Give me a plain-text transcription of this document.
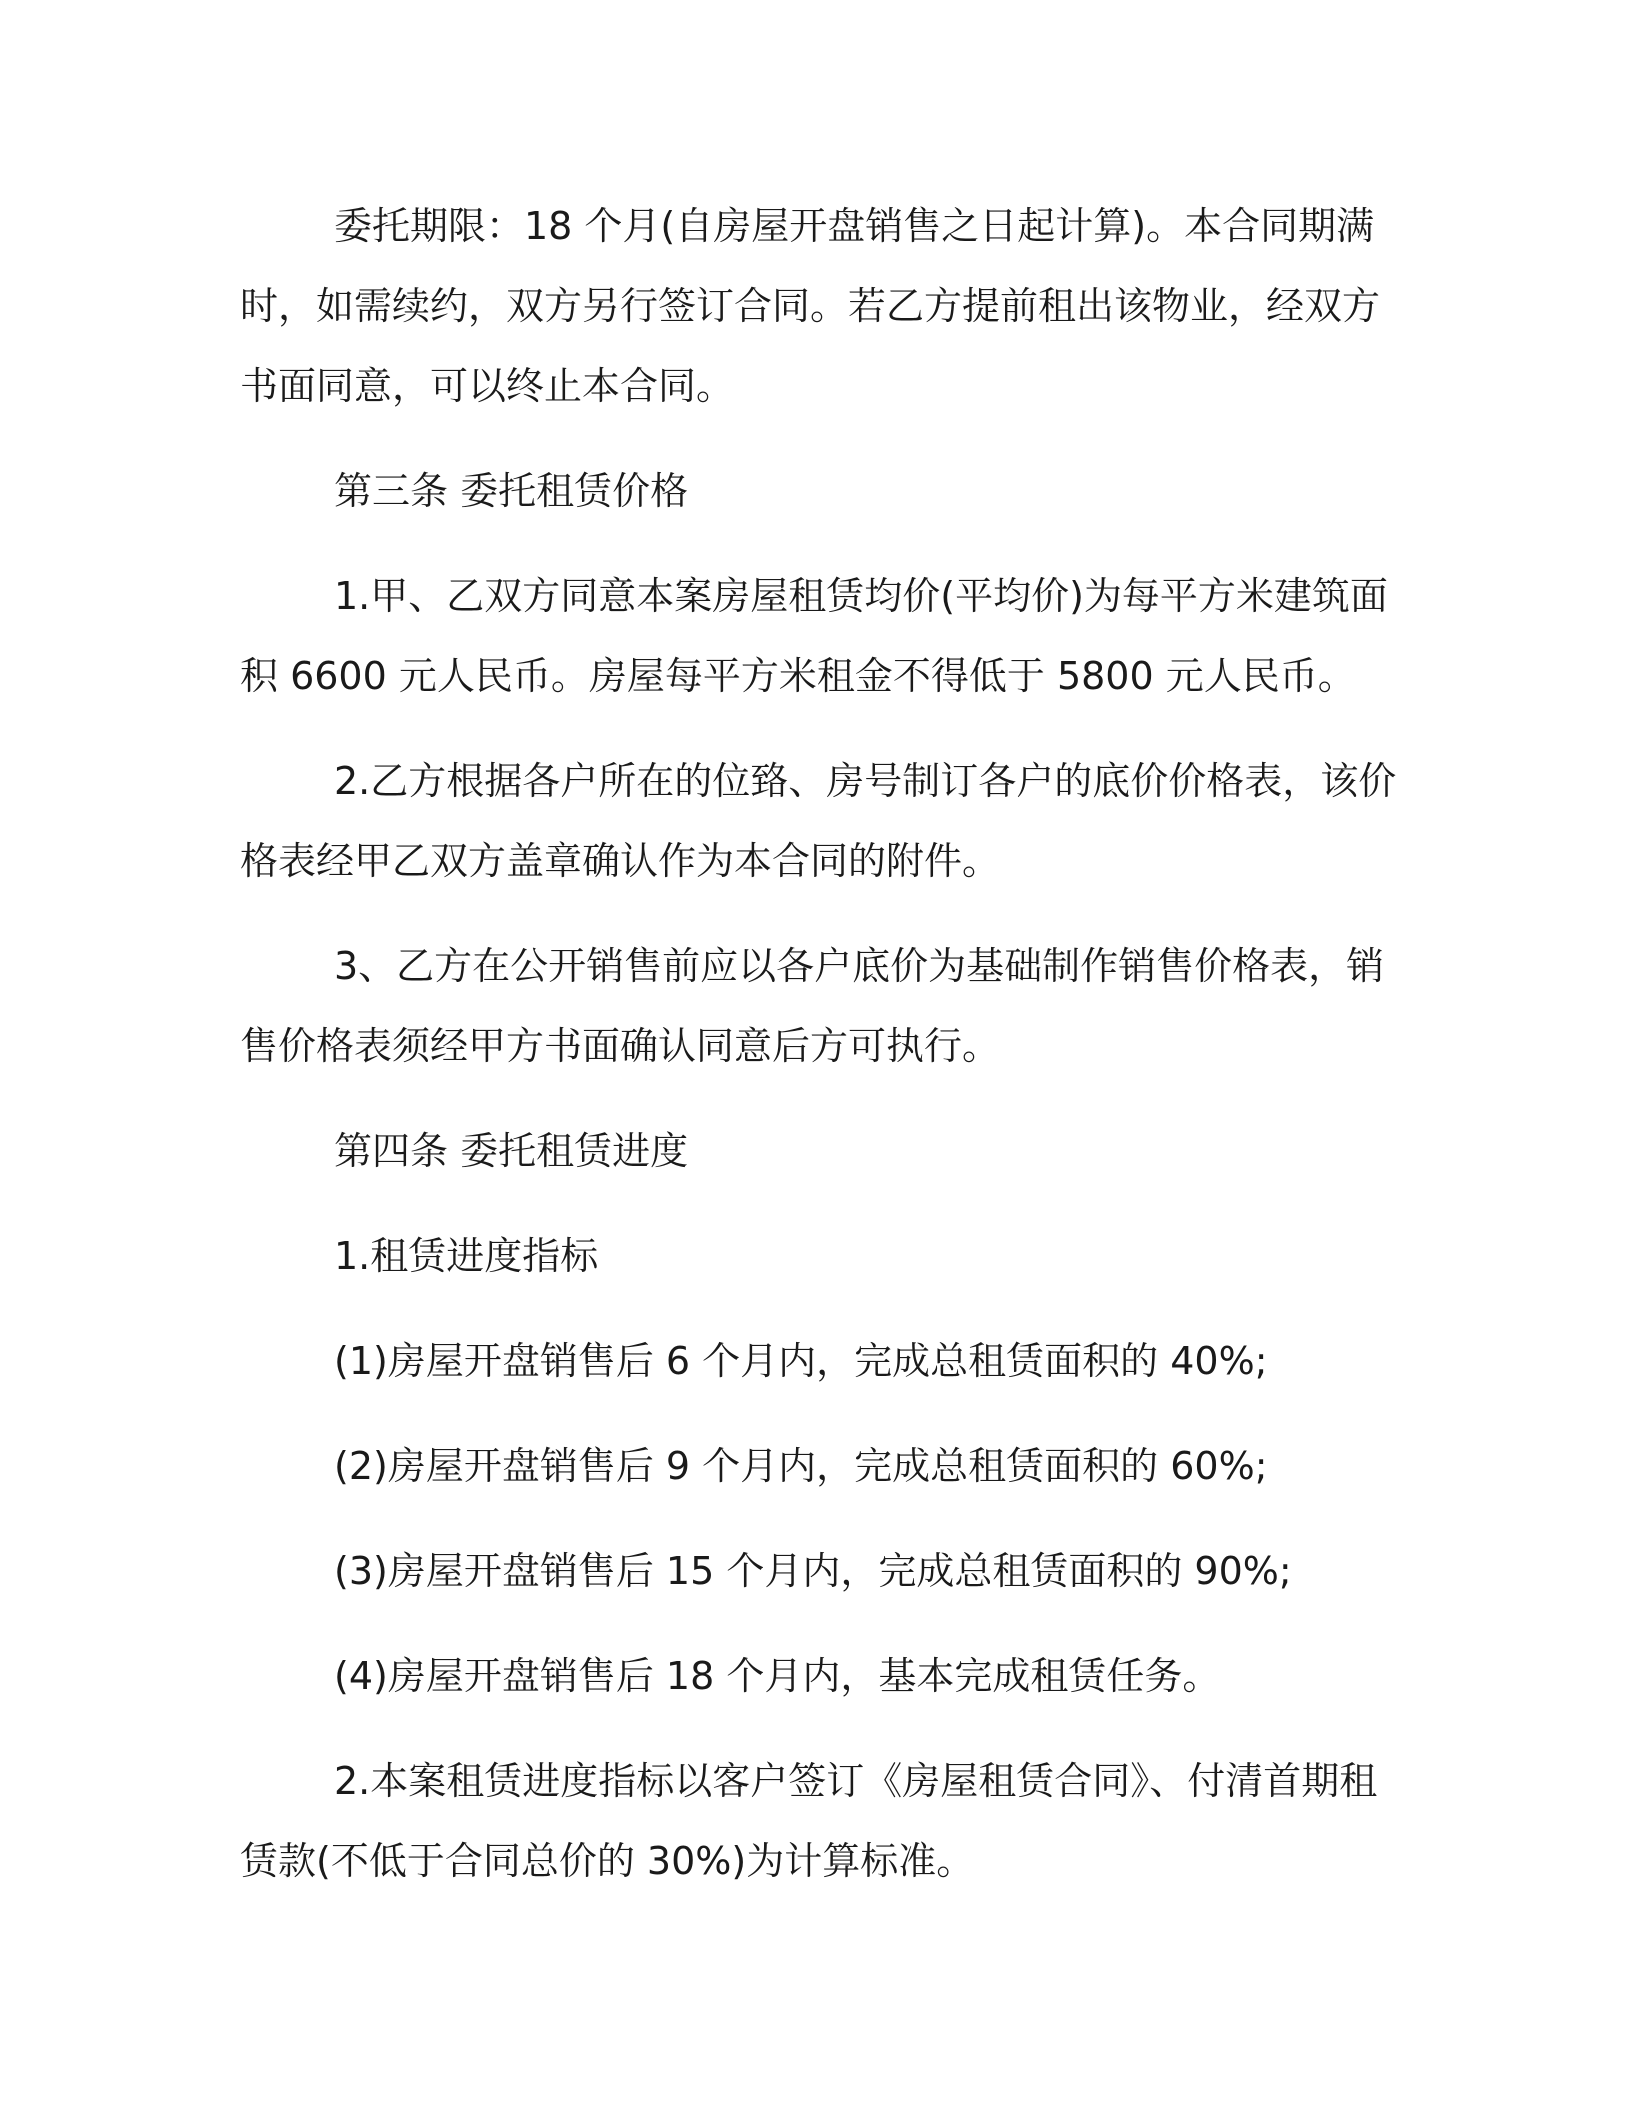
委托期限：18 个月(自房屋开盘销售之日起计算)。本合同期满时，如需续约，双方另行签订合同。若乙方提前租出该物业，经双方书面同意，可以终止本合同。

第三条 委托租赁价格

1.甲、乙双方同意本案房屋租赁均价(平均价)为每平方米建筑面积 6600 元人民币。房屋每平方米租金不得低于 5800 元人民币。

2.乙方根据各户所在的位臵、房号制订各户的底价价格表，该价格表经甲乙双方盖章确认作为本合同的附件。

3、乙方在公开销售前应以各户底价为基础制作销售价格表，销售价格表须经甲方书面确认同意后方可执行。

第四条 委托租赁进度

1.租赁进度指标

(1)房屋开盘销售后 6 个月内，完成总租赁面积的 40%;

(2)房屋开盘销售后 9 个月内，完成总租赁面积的 60%;

(3)房屋开盘销售后 15 个月内，完成总租赁面积的 90%;

(4)房屋开盘销售后 18 个月内，基本完成租赁任务。

2.本案租赁进度指标以客户签订《房屋租赁合同》、付清首期租赁款(不低于合同总价的 30%)为计算标准。
